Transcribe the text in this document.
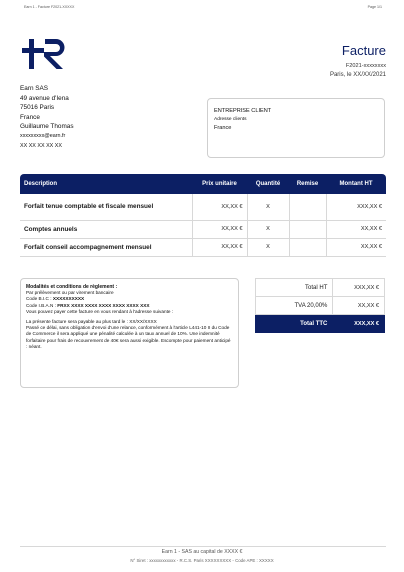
Earn 1 - Facture F2021-XXXXX	Page 1/1
Facture
F2021-xxxxxxxx
Paris, le XX/XX/2021
Earn SAS
49 avenue d'Iena
75016 Paris
France
Guillaume Thomas
xxxxxxxxx@earn.fr
XX XX XX XX XX
ENTREPRISE CLIENT
Adresse clients
France
Description	Prix unitaire	Quantité	Remise	Montant HT
Forfait tenue comptable et fiscale mensuel	XX,XX €	X		XXX,XX €
Comptes annuels	XX,XX €	X		XX,XX €
Forfait conseil accompagnement mensuel	XX,XX €	X		XX,XX €
Modalités et conditions de règlement :
Par prélèvement ou par virement bancaire
Code B.I.C : XXXXXXXXXX
Code I.B.A.N : FRXX XXXX XXXX XXXX XXXX XXXX XXX
Vous pouvez payer cette facture en vous rendant à l'adresse suivante :
La présente facture sera payable au plus tard le : XX/XX/XXXX
Passé ce délai, sans obligation d'envoi d'une relance, conformément à l'article L441-10 II du Code de Commerce il sera appliqué une pénalité calculée à un taux annuel de 10%. Une indemnité forfaitaire pour frais de recouvrement de 40€ sera aussi exigible. Escompte pour paiement anticipé : néant.
Total HT	XXX,XX €
TVA 20,00%	XX,XX €
Total TTC	XXX,XX €
Earn 1 - SAS au capital de XXXX €
N° Siret : xxxxxxxxxxxx - R.C.S. Paris XXXXXXXXX - Code APE : XXXXX
